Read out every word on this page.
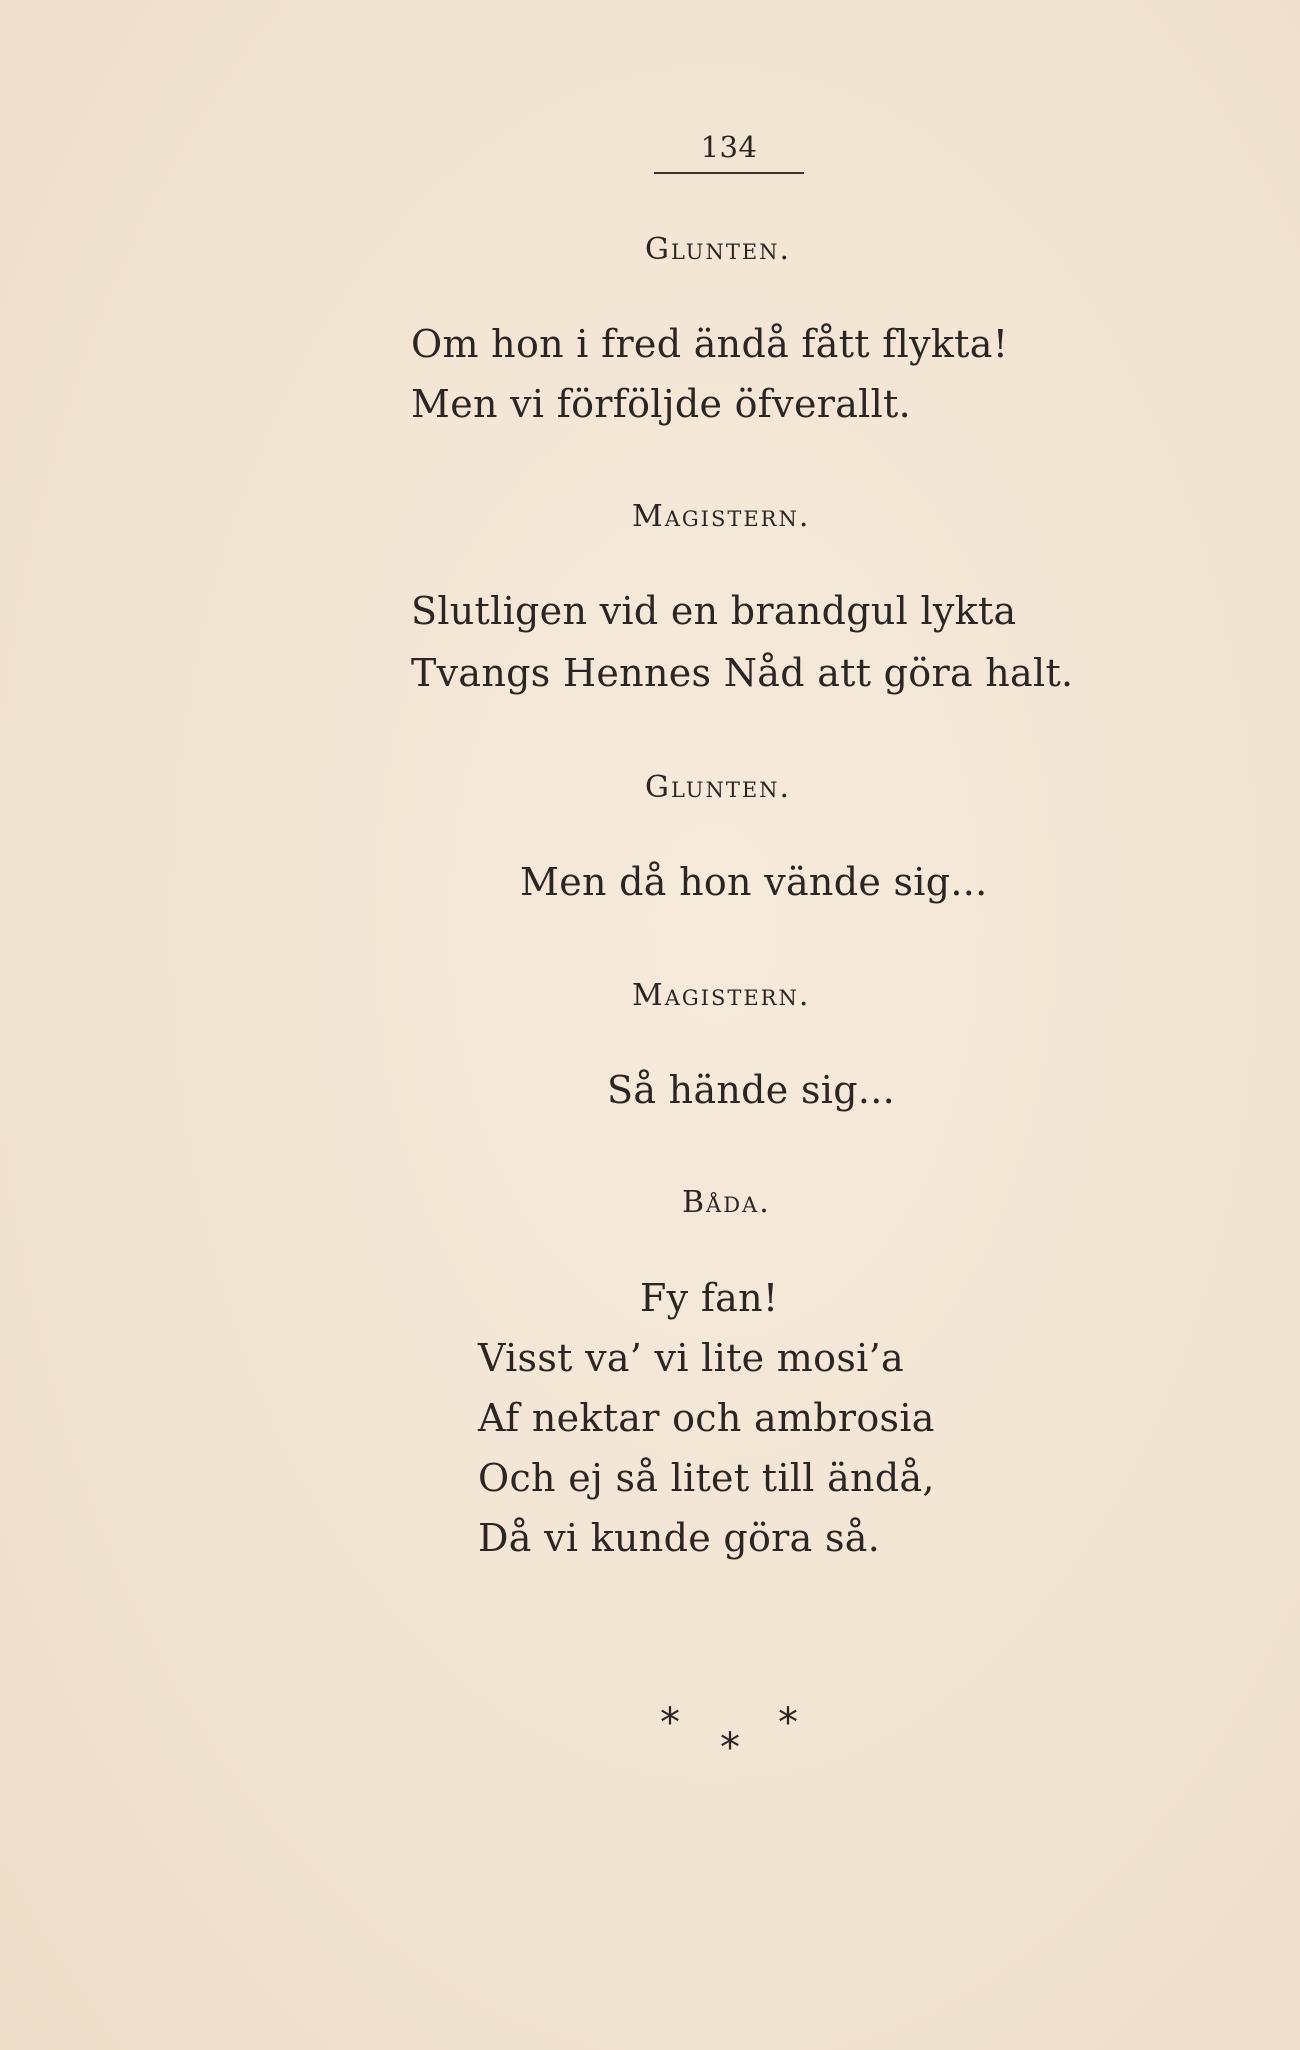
134
Glunten.
Om hon i fred ändå fått flykta!
Men vi förföljde öfverallt.
Magistern.
Slutligen vid en brandgul lykta
Tvangs Hennes Nåd att göra halt.
Glunten.
Men då hon vände sig...
Magistern.
Så hände sig...
Båda.
Fy fan!
Visst va’ vi lite mosi’a
Af nektar och ambrosia
Och ej så litet till ändå,
Då vi kunde göra så.
* *
*
